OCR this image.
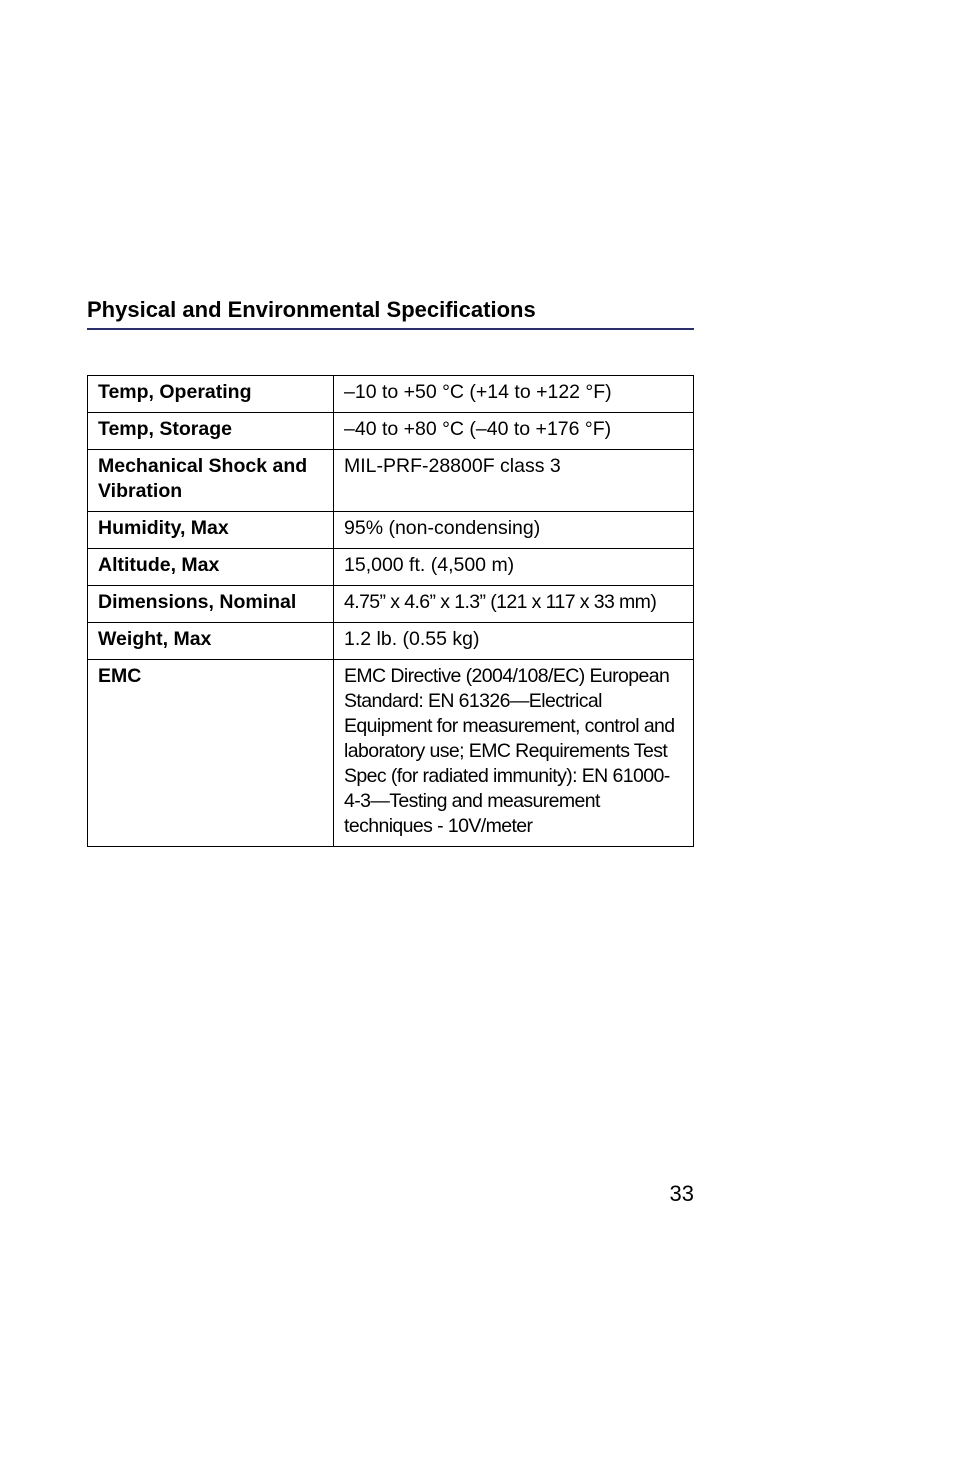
Physical and Environmental Specifications
Temp, Operating	–10 to +50 °C (+14 to +122 °F)
Temp, Storage	–40 to +80 °C (–40 to +176 °F)
Mechanical Shock and Vibration	MIL-PRF-28800F class 3
Humidity, Max	95% (non-condensing)
Altitude, Max	15,000 ft. (4,500 m)
Dimensions, Nominal	4.75” x 4.6” x 1.3” (121 x 117 x 33 mm)
Weight, Max	1.2 lb. (0.55 kg)
EMC	EMC Directive (2004/108/EC) European Standard: EN 61326—Electrical Equipment for measurement, control and laboratory use; EMC Requirements Test Spec (for radiated immunity): EN 61000-4-3—Testing and measurement techniques - 10V/meter
33
